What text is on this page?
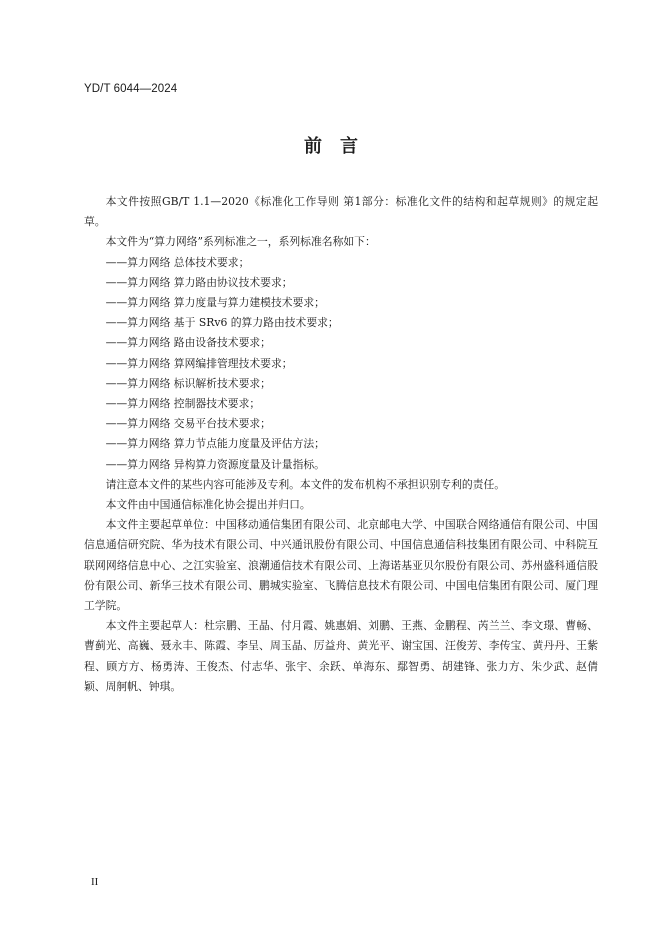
YD/T 6044—2024
前　言

本文件按照GB/T 1.1—2020《标准化工作导则 第1部分：标准化文件的结构和起草规则》的规定起草。

本文件为“算力网络”系列标准之一，系列标准名称如下：

——算力网络 总体技术要求；
——算力网络 算力路由协议技术要求；
——算力网络 算力度量与算力建模技术要求；
——算力网络 基于 SRv6 的算力路由技术要求；
——算力网络 路由设备技术要求；
——算力网络 算网编排管理技术要求；
——算力网络 标识解析技术要求；
——算力网络 控制器技术要求；
——算力网络 交易平台技术要求；
——算力网络 算力节点能力度量及评估方法；
——算力网络 异构算力资源度量及计量指标。

请注意本文件的某些内容可能涉及专利。本文件的发布机构不承担识别专利的责任。

本文件由中国通信标准化协会提出并归口。

本文件主要起草单位：中国移动通信集团有限公司、北京邮电大学、中国联合网络通信有限公司、中国信息通信研究院、华为技术有限公司、中兴通讯股份有限公司、中国信息通信科技集团有限公司、中科院互联网网络信息中心、之江实验室、浪潮通信技术有限公司、上海诺基亚贝尔股份有限公司、苏州盛科通信股份有限公司、新华三技术有限公司、鹏城实验室、飞腾信息技术有限公司、中国电信集团有限公司、厦门理工学院。

本文件主要起草人：杜宗鹏、王晶、付月霞、姚惠娟、刘鹏、王燕、金鹏程、芮兰兰、李文璟、曹畅、曹蓟光、高巍、聂永丰、陈霞、李呈、周玉晶、厉益舟、黄光平、谢宝国、汪俊芳、李传宝、黄丹丹、王紫程、顾方方、杨勇涛、王俊杰、付志华、张宇、余跃、单海东、鄢智勇、胡建锋、张力方、朱少武、赵倩颖、周舸帆、钟琪。

II
